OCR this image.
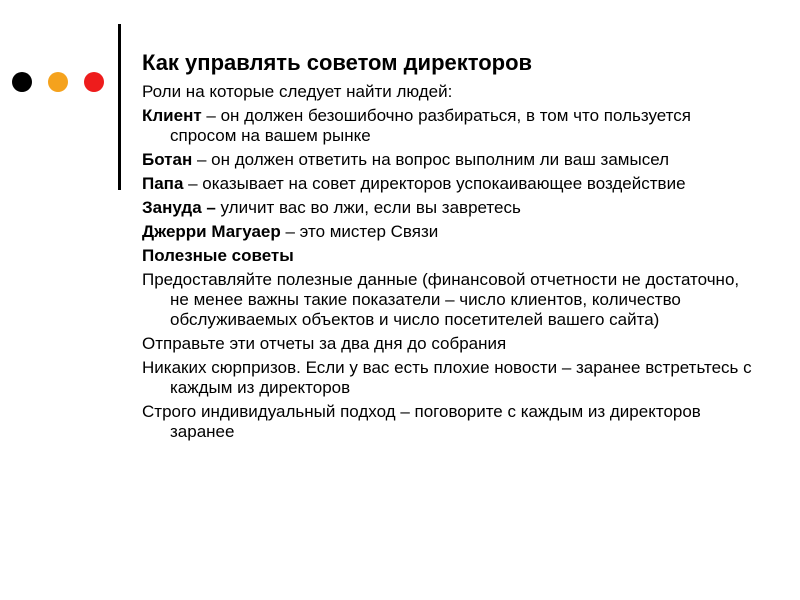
Как управлять советом директоров
Роли на которые следует найти людей:
Клиент – он должен безошибочно разбираться, в том что пользуется спросом на вашем рынке
Ботан – он должен ответить на вопрос выполним ли ваш замысел
Папа – оказывает на совет директоров успокаивающее воздействие
Зануда – уличит вас во лжи, если вы завретесь
Джерри Магуаер – это мистер Связи
Полезные советы
Предоставляйте полезные данные (финансовой отчетности не достаточно, не менее важны такие показатели – число клиентов, количество обслуживаемых объектов и число посетителей вашего сайта)
Отправьте эти отчеты за два дня до собрания
Никаких сюрпризов. Если у вас есть плохие новости – заранее встретьтесь с каждым из директоров
Строго индивидуальный подход – поговорите с каждым из директоров заранее
